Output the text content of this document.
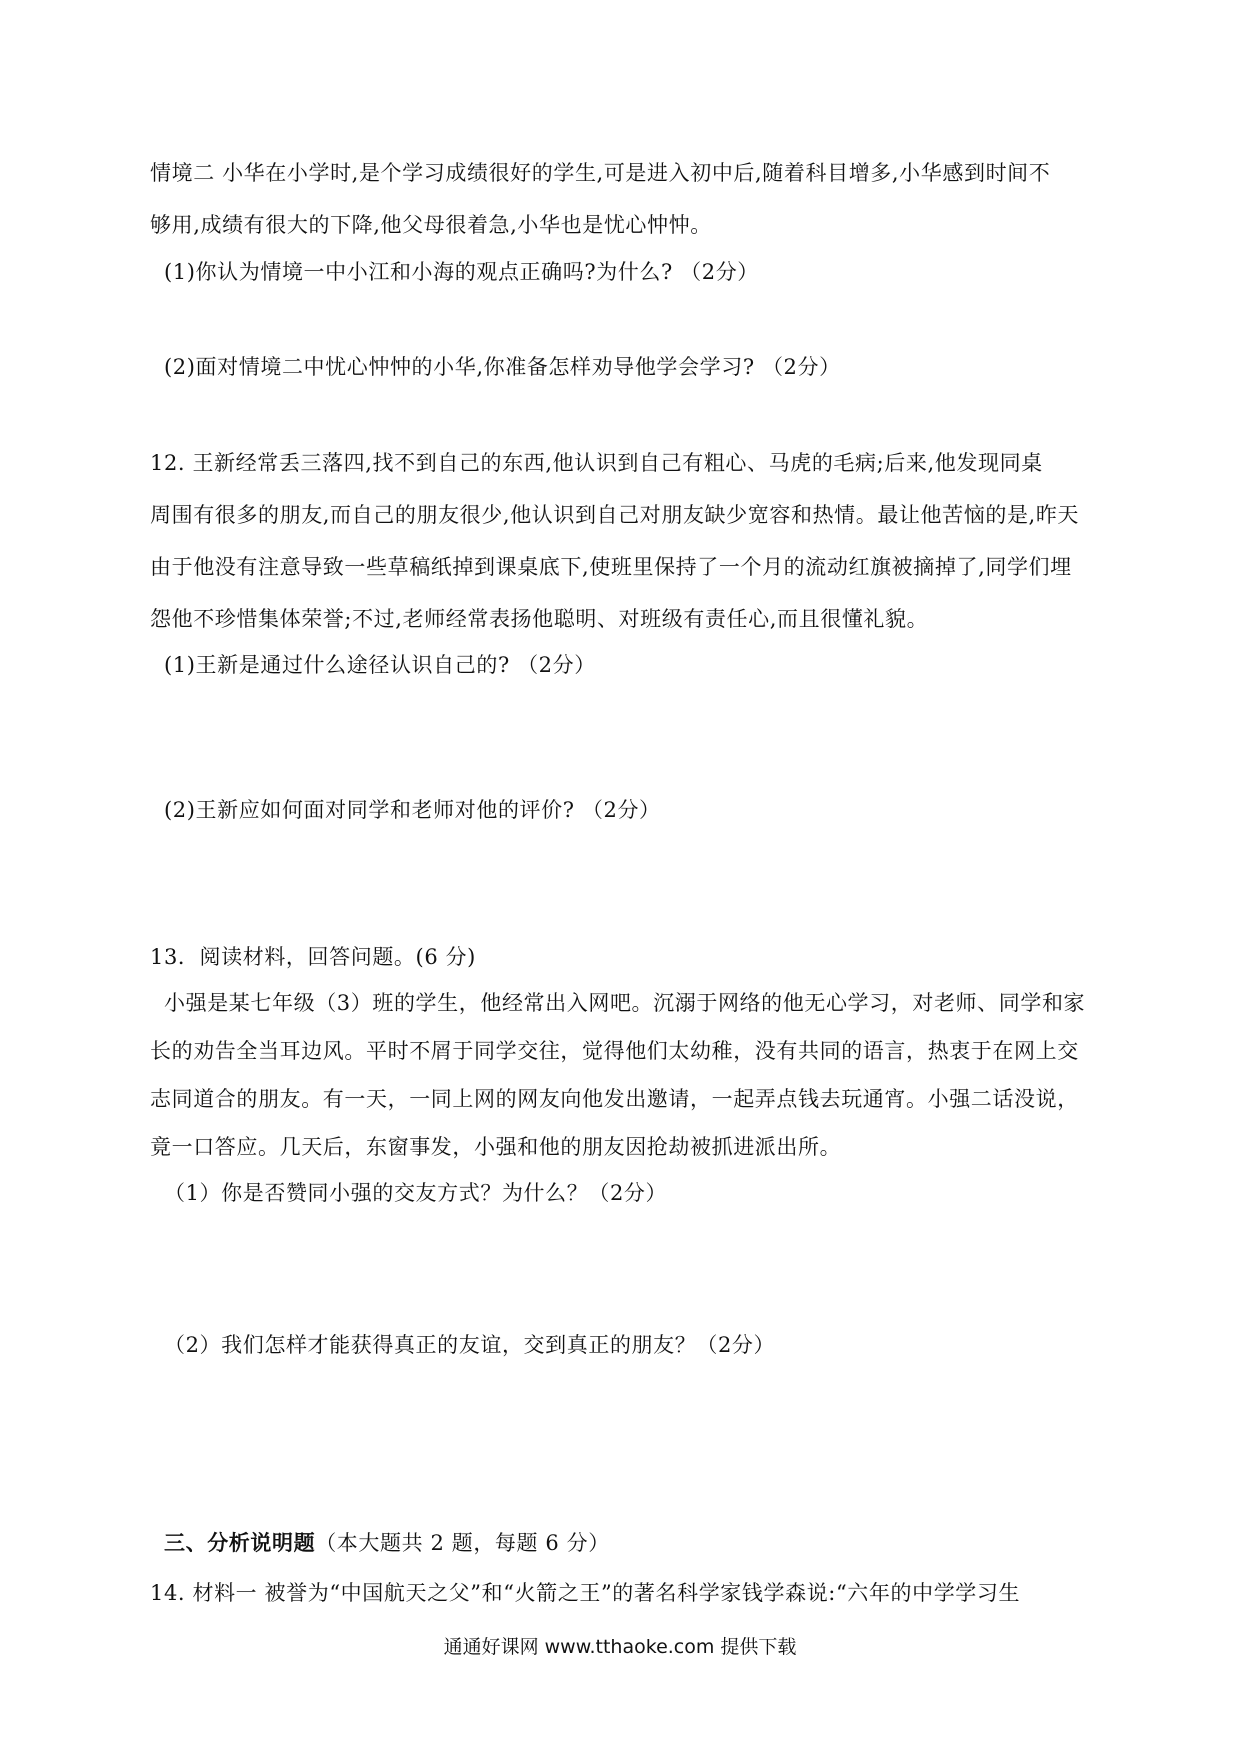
情境二 小华在小学时,是个学习成绩很好的学生,可是进入初中后,随着科目增多,小华感到时间不
够用,成绩有很大的下降,他父母很着急,小华也是忧心忡忡。
(1)你认为情境一中小江和小海的观点正确吗?为什么? （2分）
(2)面对情境二中忧心忡忡的小华,你准备怎样劝导他学会学习? （2分）
12. 王新经常丢三落四,找不到自己的东西,他认识到自己有粗心、马虎的毛病;后来,他发现同桌
周围有很多的朋友,而自己的朋友很少,他认识到自己对朋友缺少宽容和热情。最让他苦恼的是,昨天
由于他没有注意导致一些草稿纸掉到课桌底下,使班里保持了一个月的流动红旗被摘掉了,同学们埋
怨他不珍惜集体荣誉;不过,老师经常表扬他聪明、对班级有责任心,而且很懂礼貌。
(1)王新是通过什么途径认识自己的? （2分）
(2)王新应如何面对同学和老师对他的评价? （2分）
13．阅读材料，回答问题。(6 分)
小强是某七年级（3）班的学生，他经常出入网吧。沉溺于网络的他无心学习，对老师、同学和家
长的劝告全当耳边风。平时不屑于同学交往，觉得他们太幼稚，没有共同的语言，热衷于在网上交
志同道合的朋友。有一天，一同上网的网友向他发出邀请，一起弄点钱去玩通宵。小强二话没说，
竟一口答应。几天后，东窗事发，小强和他的朋友因抢劫被抓进派出所。
（1）你是否赞同小强的交友方式？为什么？（2分）
（2）我们怎样才能获得真正的友谊，交到真正的朋友？（2分）
三、分析说明题（本大题共 2 题，每题 6 分）
14. 材料一 被誉为“中国航天之父”和“火箭之王”的著名科学家钱学森说:“六年的中学学习生
通通好课网 www.tthaoke.com 提供下载
